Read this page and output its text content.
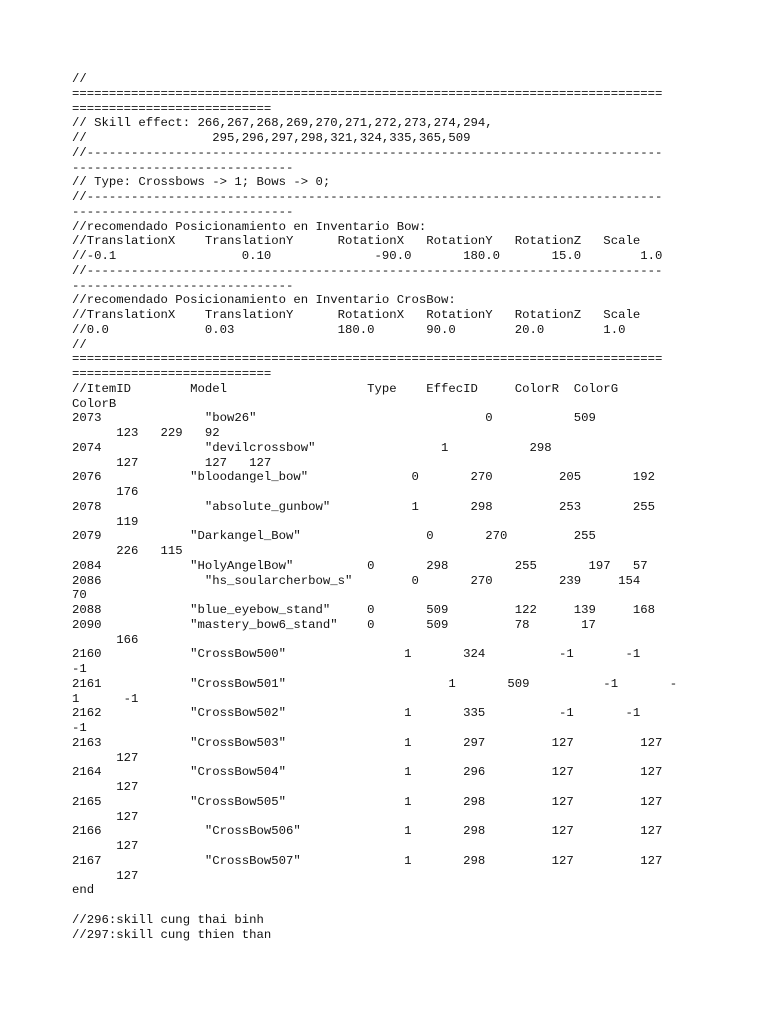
//
================================================================================
===========================
// Skill effect: 266,267,268,269,270,271,272,273,274,294,
//                 295,296,297,298,321,324,335,365,509
//------------------------------------------------------------------------------
------------------------------
// Type: Crossbows -> 1; Bows -> 0;
//------------------------------------------------------------------------------
------------------------------
//recomendado Posicionamiento en Inventario Bow:
//TranslationX    TranslationY      RotationX   RotationY   RotationZ   Scale
//-0.1                 0.10              -90.0       180.0       15.0        1.0
//------------------------------------------------------------------------------
------------------------------
//recomendado Posicionamiento en Inventario CrosBow:
//TranslationX    TranslationY      RotationX   RotationY   RotationZ   Scale
//0.0             0.03              180.0       90.0        20.0        1.0
//
================================================================================
===========================
//ItemID        Model                   Type    EffecID     ColorR  ColorG
ColorB
2073              "bow26"                               0           509
123   229   92
2074              "devilcrossbow"                 1           298
127         127   127
2076            "bloodangel_bow"              0       270         205       192
176
2078              "absolute_gunbow"           1       298         253       255
119
2079            "Darkangel_Bow"                 0       270         255
226   115
2084            "HolyAngelBow"          0       298         255       197   57
2086              "hs_soularcherbow_s"        0       270         239     154
70
2088            "blue_eyebow_stand"     0       509         122     139     168
2090            "mastery_bow6_stand"    0       509         78       17
166
2160            "CrossBow500"                1       324          -1       -1
-1
2161            "CrossBow501"                      1       509          -1       -
1      -1
2162            "CrossBow502"                1       335          -1       -1
-1
2163            "CrossBow503"                1       297         127         127
127
2164            "CrossBow504"                1       296         127         127
127
2165            "CrossBow505"                1       298         127         127
127
2166              "CrossBow506"              1       298         127         127
127
2167              "CrossBow507"              1       298         127         127
127
end
//296:skill cung thai binh
//297:skill cung thien than
